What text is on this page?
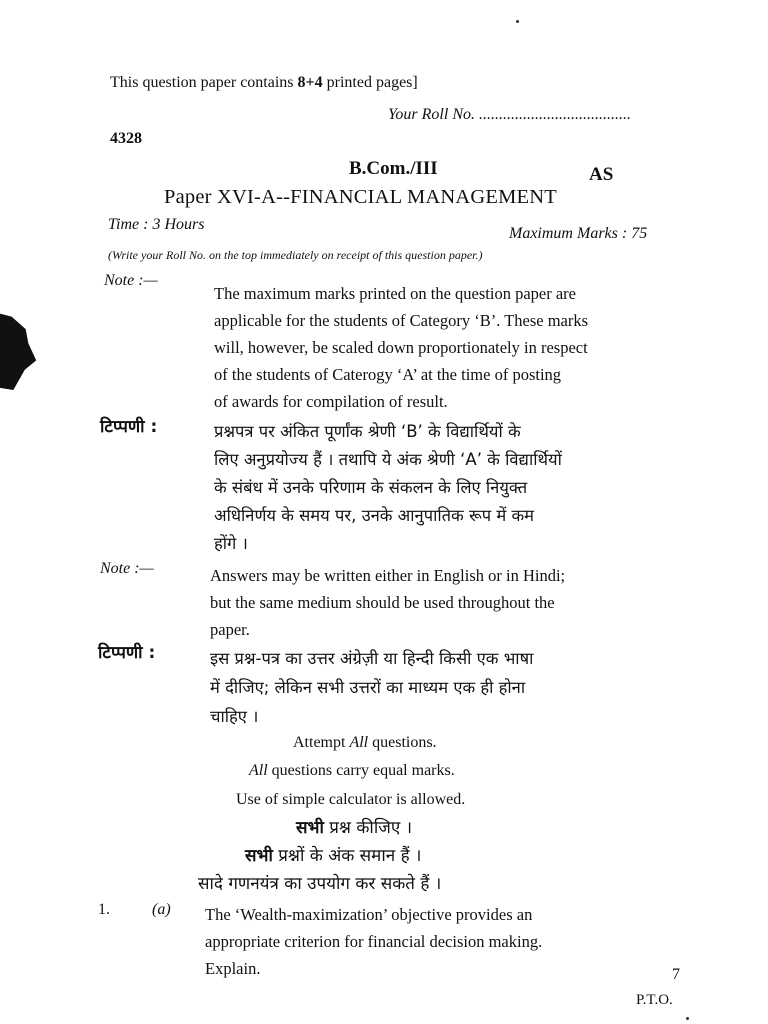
This question paper contains 8+4 printed pages]
Your Roll No. ......................................
4328
B.Com./III	AS
Paper XVI-A--FINANCIAL MANAGEMENT
Time : 3 Hours
Maximum Marks : 75
(Write your Roll No. on the top immediately on receipt of this question paper.)
Note :—
The maximum marks printed on the question paper are
applicable for the students of Category ‘B’. These marks
will, however, be scaled down proportionately in respect
of the students of Caterogy ‘A’ at the time of posting
of awards for compilation of result.
टिप्पणी :	प्रश्नपत्र पर अंकित पूर्णांक श्रेणी ‘B’ के विद्यार्थियों के
लिए अनुप्रयोज्य हैं । तथापि ये अंक श्रेणी ‘A’ के विद्यार्थियों
के संबंध में उनके परिणाम के संकलन के लिए नियुक्त
अधिनिर्णय के समय पर, उनके आनुपातिक रूप में कम
होंगे ।
Note :—	Answers may be written either in English or in Hindi;
but the same medium should be used throughout the
paper.
टिप्पणी :	इस प्रश्न-पत्र का उत्तर अंग्रेज़ी या हिन्दी किसी एक भाषा
में दीजिए; लेकिन सभी उत्तरों का माध्यम एक ही होना
चाहिए ।
Attempt All questions.
All questions carry equal marks.
Use of simple calculator is allowed.
सभी प्रश्न कीजिए ।
सभी प्रश्नों के अंक समान हैं ।
सादे गणनयंत्र का उपयोग कर सकते हैं ।
1.	(a) The ‘Wealth-maximization’ objective provides an
appropriate criterion for financial decision making.
Explain.	7
P.T.O.
